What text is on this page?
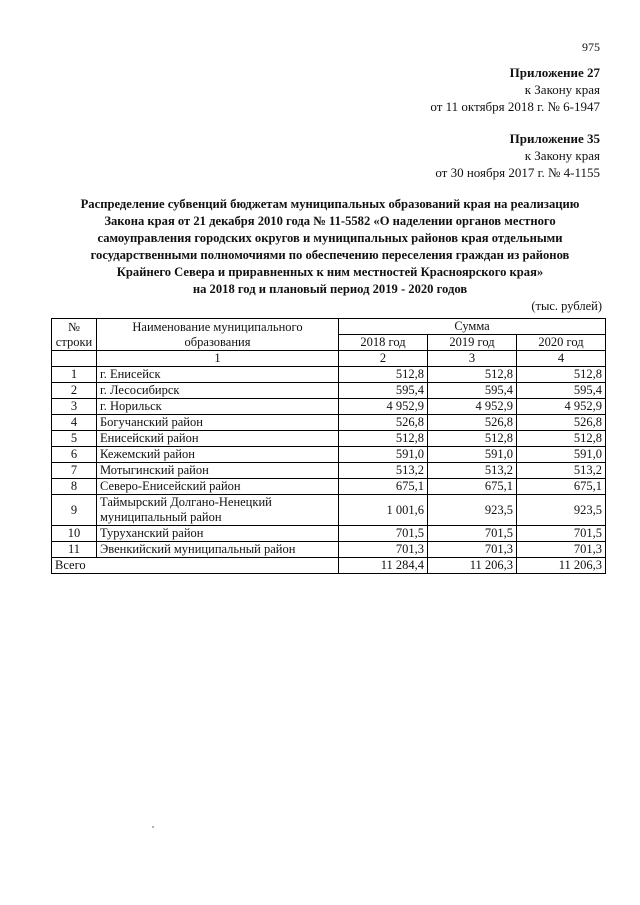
975
Приложение 27
к Закону края
от 11 октября 2018 г. № 6-1947
Приложение 35
к Закону края
от 30 ноября 2017 г. № 4-1155
Распределение субвенций бюджетам муниципальных образований края на реализацию
Закона края от 21 декабря 2010 года № 11-5582 «О наделении органов местного
самоуправления городских округов и муниципальных районов края отдельными
государственными полномочиями по обеспечению переселения граждан из районов
Крайнего Севера и приравненных к ним местностей Красноярского края»
на 2018 год и плановый период 2019 - 2020 годов
(тыс. рублей)
№ строки	Наименование муниципального образования	Сумма		
		2018 год	2019 год	2020 год
	1	2	3	4
1	г. Енисейск	512,8	512,8	512,8
2	г. Лесосибирск	595,4	595,4	595,4
3	г. Норильск	4 952,9	4 952,9	4 952,9
4	Богучанский район	526,8	526,8	526,8
5	Енисейский район	512,8	512,8	512,8
6	Кежемский район	591,0	591,0	591,0
7	Мотыгинский район	513,2	513,2	513,2
8	Северо-Енисейский район	675,1	675,1	675,1
9	Таймырский Долгано-Ненецкий муниципальный район	1 001,6	923,5	923,5
10	Туруханский район	701,5	701,5	701,5
11	Эвенкийский муниципальный район	701,3	701,3	701,3
Всего		11 284,4	11 206,3	11 206,3
